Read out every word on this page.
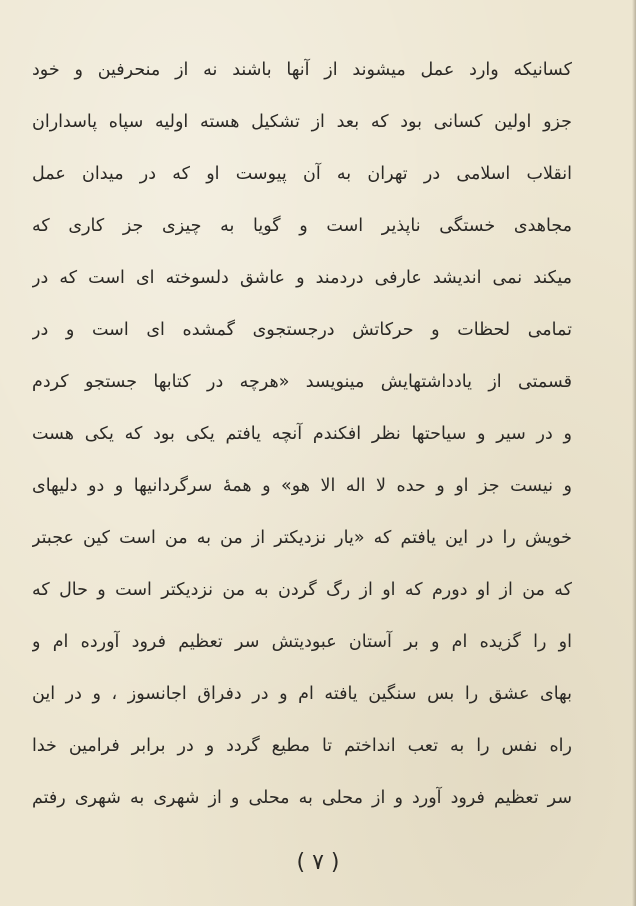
کسانیکه وارد عمل میشوند از آنها باشند نه از منحرفین و خود
جزو اولین کسانی بود که بعد از تشکیل هسته اولیه سپاه پاسداران
انقلاب اسلامی در تهران به آن پیوست او که در میدان عمل
مجاهدی خستگی ناپذیر است و گویا به چیزی جز کاری که
میکند نمی اندیشد عارفی دردمند و عاشق دلسوخته ای است که در
تمامی لحظات و حرکاتش درجستجوی گمشده ای است و در
قسمتی از یادداشتهایش مینویسد «هرچه در کتابها جستجو کردم
و در سیر و سیاحتها نظر افکندم آنچه یافتم یکی بود که یکی هست
و نیست جز او و حده لا اله الا هو» و همهٔ سرگردانیها و دو دلیهای
خویش را در این یافتم که «یار نزدیکتر از من به من است کین عجبتر
که من از او دورم که او از رگ گردن به من نزدیکتر است و حال که
او را گزیده ام و بر آستان عبودیتش سر تعظیم فرود آورده ام و
بهای عشق را بس سنگین یافته ام و در دفراق اجانسوز ، و در این
راه نفس را به تعب انداختم تا مطیع گردد و در برابر فرامین خدا
سر تعظیم فرود آورد و از محلی به محلی و از شهری به شهری رفتم
( ۷ )
